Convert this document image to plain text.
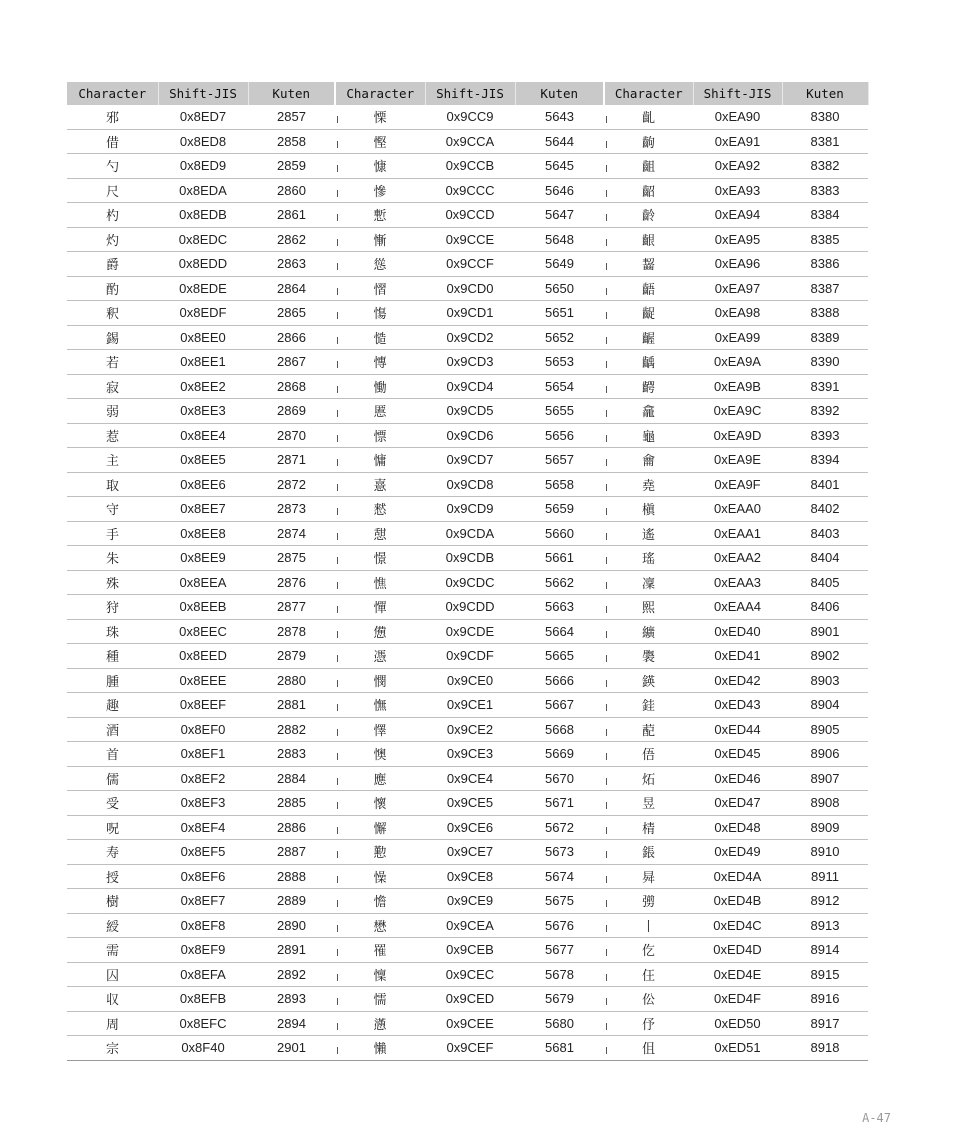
Character	Shift-JIS	Kuten	Character	Shift-JIS	Kuten	Character	Shift-JIS	Kuten
邪	0x8ED7	2857	慄	0x9CC9	5643	齓	0xEA90	8380
借	0x8ED8	2858	慳	0x9CCA	5644	齣	0xEA91	8381
勺	0x8ED9	2859	慷	0x9CCB	5645	齟	0xEA92	8382
尺	0x8EDA	2860	慘	0x9CCC	5646	齠	0xEA93	8383
杓	0x8EDB	2861	慙	0x9CCD	5647	齡	0xEA94	8384
灼	0x8EDC	2862	慚	0x9CCE	5648	齦	0xEA95	8385
爵	0x8EDD	2863	慫	0x9CCF	5649	齧	0xEA96	8386
酌	0x8EDE	2864	慴	0x9CD0	5650	齬	0xEA97	8387
釈	0x8EDF	2865	慯	0x9CD1	5651	齪	0xEA98	8388
錫	0x8EE0	2866	慥	0x9CD2	5652	齷	0xEA99	8389
若	0x8EE1	2867	慱	0x9CD3	5653	齲	0xEA9A	8390
寂	0x8EE2	2868	慟	0x9CD4	5654	齶	0xEA9B	8391
弱	0x8EE3	2869	慝	0x9CD5	5655	龕	0xEA9C	8392
惹	0x8EE4	2870	慓	0x9CD6	5656	龜	0xEA9D	8393
主	0x8EE5	2871	慵	0x9CD7	5657	龠	0xEA9E	8394
取	0x8EE6	2872	憙	0x9CD8	5658	堯	0xEA9F	8401
守	0x8EE7	2873	憖	0x9CD9	5659	槇	0xEAA0	8402
手	0x8EE8	2874	憇	0x9CDA	5660	遙	0xEAA1	8403
朱	0x8EE9	2875	憬	0x9CDB	5661	瑤	0xEAA2	8404
殊	0x8EEA	2876	憔	0x9CDC	5662	凜	0xEAA3	8405
狩	0x8EEB	2877	憚	0x9CDD	5663	熙	0xEAA4	8406
珠	0x8EEC	2878	憊	0x9CDE	5664	纊	0xED40	8901
種	0x8EED	2879	憑	0x9CDF	5665	褜	0xED41	8902
腫	0x8EEE	2880	憫	0x9CE0	5666	鍈	0xED42	8903
趣	0x8EEF	2881	憮	0x9CE1	5667	銈	0xED43	8904
酒	0x8EF0	2882	懌	0x9CE2	5668	蓜	0xED44	8905
首	0x8EF1	2883	懊	0x9CE3	5669	俉	0xED45	8906
儒	0x8EF2	2884	應	0x9CE4	5670	炻	0xED46	8907
受	0x8EF3	2885	懷	0x9CE5	5671	昱	0xED47	8908
呪	0x8EF4	2886	懈	0x9CE6	5672	棈	0xED48	8909
寿	0x8EF5	2887	懃	0x9CE7	5673	鋹	0xED49	8910
授	0x8EF6	2888	懆	0x9CE8	5674	曻	0xED4A	8911
樹	0x8EF7	2889	憺	0x9CE9	5675	彅	0xED4B	8912
綬	0x8EF8	2890	懋	0x9CEA	5676	丨	0xED4C	8913
需	0x8EF9	2891	罹	0x9CEB	5677	仡	0xED4D	8914
囚	0x8EFA	2892	懍	0x9CEC	5678	仼	0xED4E	8915
収	0x8EFB	2893	懦	0x9CED	5679	伀	0xED4F	8916
周	0x8EFC	2894	懣	0x9CEE	5680	伃	0xED50	8917
宗	0x8F40	2901	懶	0x9CEF	5681	伹	0xED51	8918
A-47
